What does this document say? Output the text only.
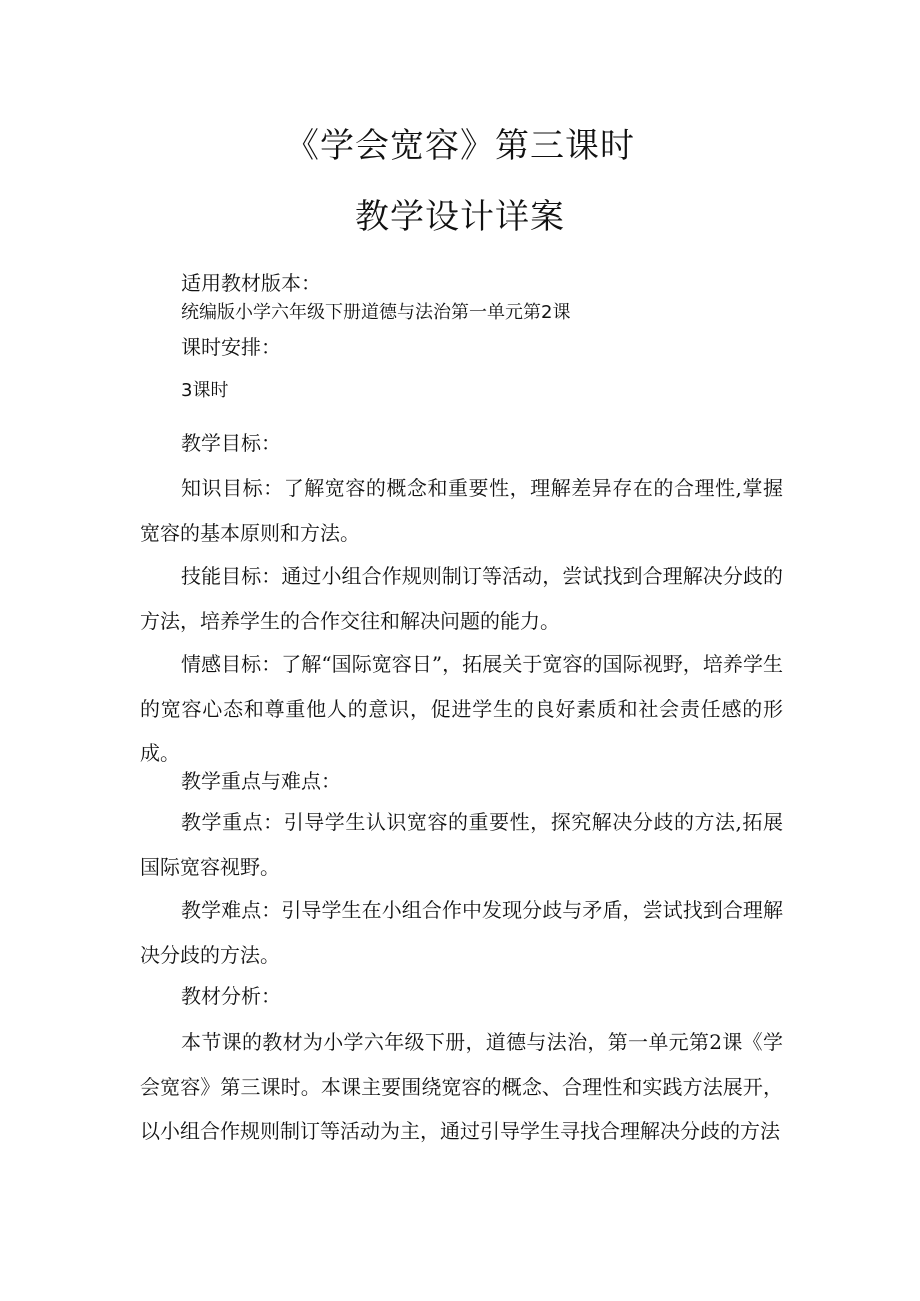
《学会宽容》第三课时
教学设计详案

适用教材版本：

统编版小学六年级下册道德与法治第一单元第2课

课时安排：

3课时

教学目标：

知识目标：了解宽容的概念和重要性，理解差异存在的合理性,掌握宽容的基本原则和方法。

技能目标：通过小组合作规则制订等活动，尝试找到合理解决分歧的方法，培养学生的合作交往和解决问题的能力。

情感目标：了解“国际宽容日”，拓展关于宽容的国际视野，培养学生的宽容心态和尊重他人的意识，促进学生的良好素质和社会责任感的形成。

教学重点与难点：

教学重点：引导学生认识宽容的重要性，探究解决分歧的方法,拓展国际宽容视野。

教学难点：引导学生在小组合作中发现分歧与矛盾，尝试找到合理解决分歧的方法。

教材分析：

本节课的教材为小学六年级下册，道德与法治，第一单元第2课《学会宽容》第三课时。本课主要围绕宽容的概念、合理性和实践方法展开，以小组合作规则制订等活动为主，通过引导学生寻找合理解决分歧的方法
